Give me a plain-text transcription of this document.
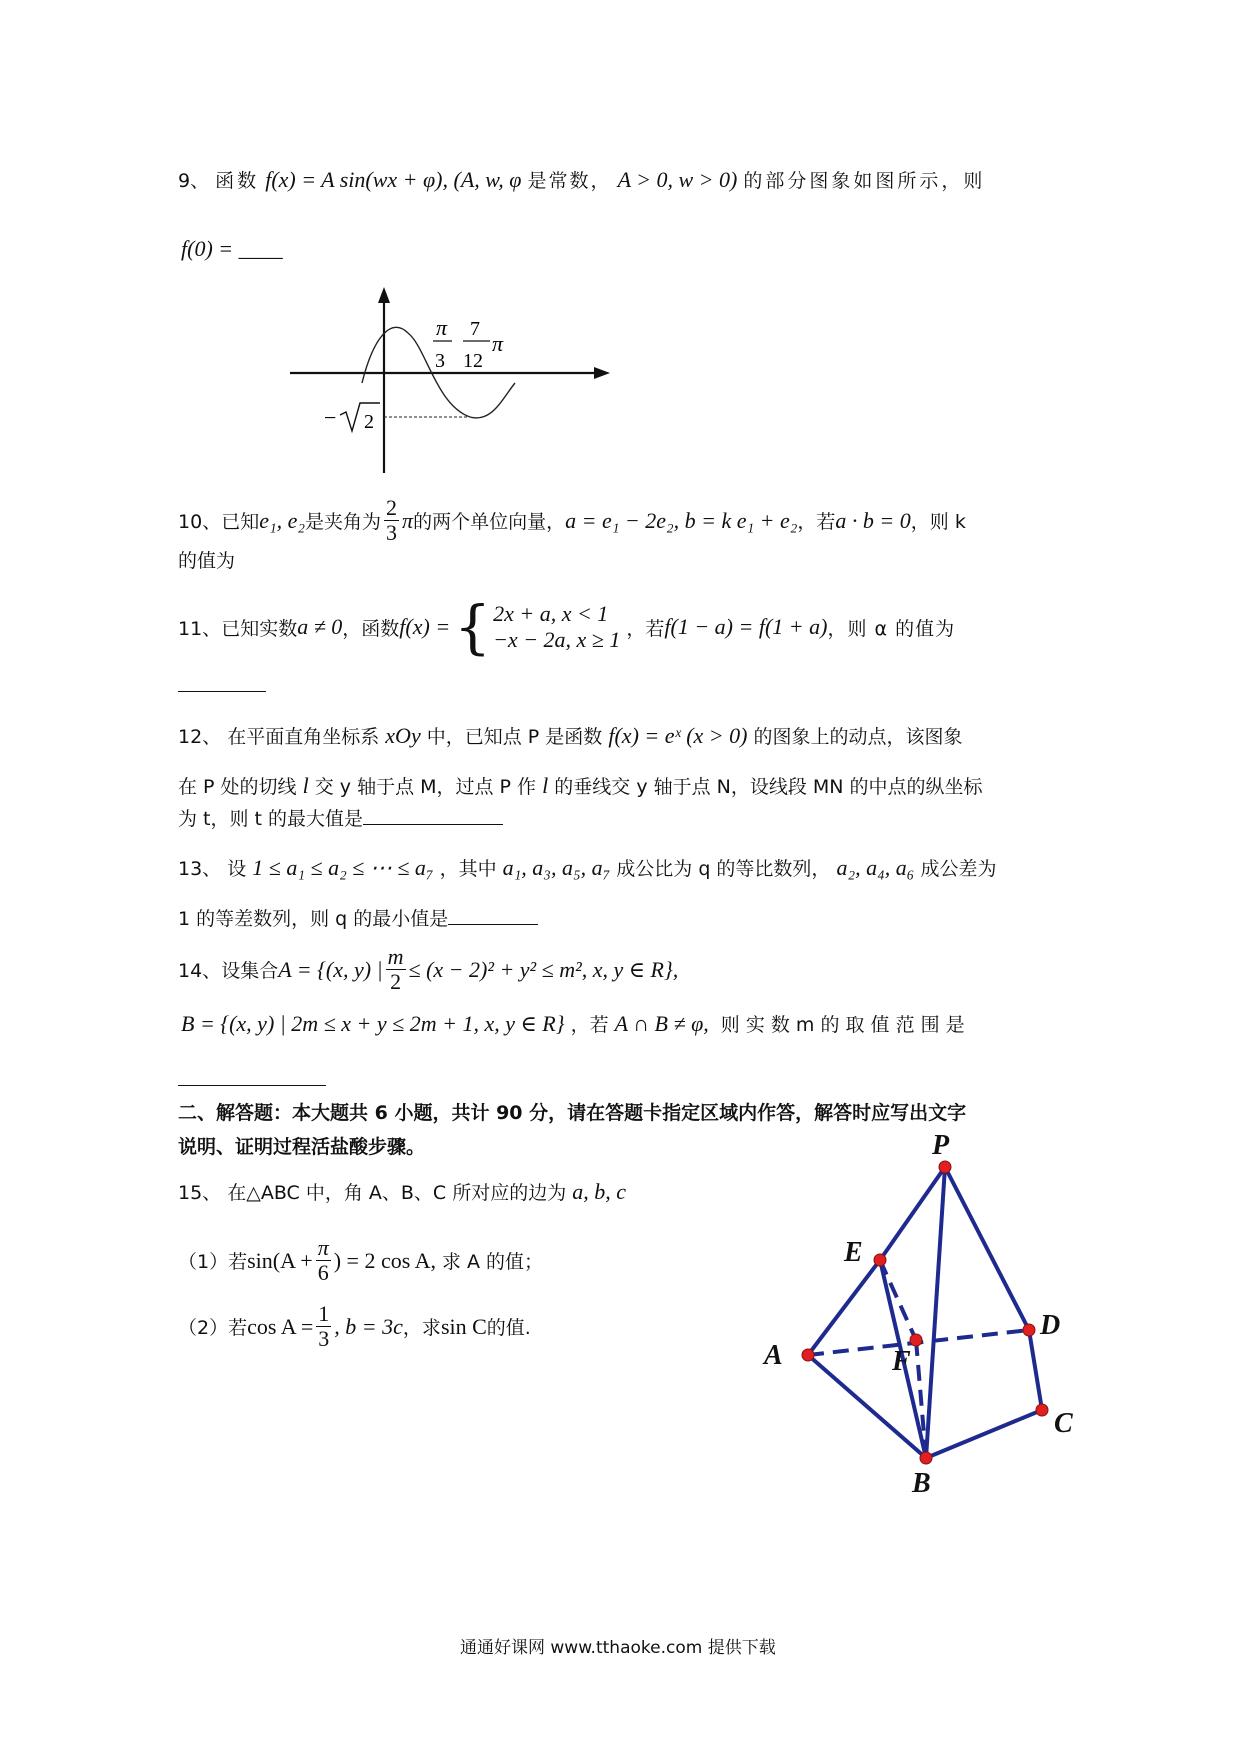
9、 函数 f(x) = A sin(wx + φ), (A, w, φ 是常数， A > 0, w > 0) 的部分图象如图所示，则
f(0) = ____
π
3
7
12
π
− 2
10、 已知 e₁, e₂ 是夹角为 $\frac{2}{3}$ π 的两个单位向量， a = e₁ − 2e₂, b = k e₁ + e₂ ，若 a · b = 0 ，则 k
的值为
11、 已知实数 a ≠ 0 ，函数 f(x) = { 2x + a, x < 1
−x − 2a, x ≥ 1 ，若 f(1 − a) = f(1 + a) ，则 α 的值为
12、 在平面直角坐标系 xOy 中，已知点 P 是函数 f(x) = eˣ (x > 0) 的图象上的动点，该图象
在 P 处的切线 l 交 y 轴于点 M，过点 P 作 l 的垂线交 y 轴于点 N，设线段 MN 的中点的纵坐标
为 t，则 t 的最大值是
13、 设 1 ≤ a₁ ≤ a₂ ≤ ⋯ ≤ a₇ ，其中 a₁, a₃, a₅, a₇ 成公比为 q 的等比数列， a₂, a₄, a₆ 成公差为
1 的等差数列，则 q 的最小值是
14、 设集合 A = {(x, y) | $\frac{m}{2} \le (x - 2)^2 + y^2 \le m^2$, x, y ∈ R},
B = {(x, y) | 2m ≤ x + y ≤ 2m + 1, x, y ∈ R} ，若 A ∩ B ≠ φ, 则 实 数 m 的 取 值 范 围 是
二、解答题：本大题共 6 小题，共计 90 分，请在答题卡指定区域内作答，解答时应写出文字
说明、证明过程活盐酸步骤。
15、 在△ABC 中，角 A、B、C 所对应的边为 a, b, c
（1）若 $\sin(A + \frac{\pi}{6}$ ) = 2 cos A, 求 A 的值；
（2）若 $\cos A = \frac{1}{3}$ , b = 3c ，求 sin C 的值.
P
E
D
A	F
C
B
通通好课网 www.tthaoke.com 提供下载
